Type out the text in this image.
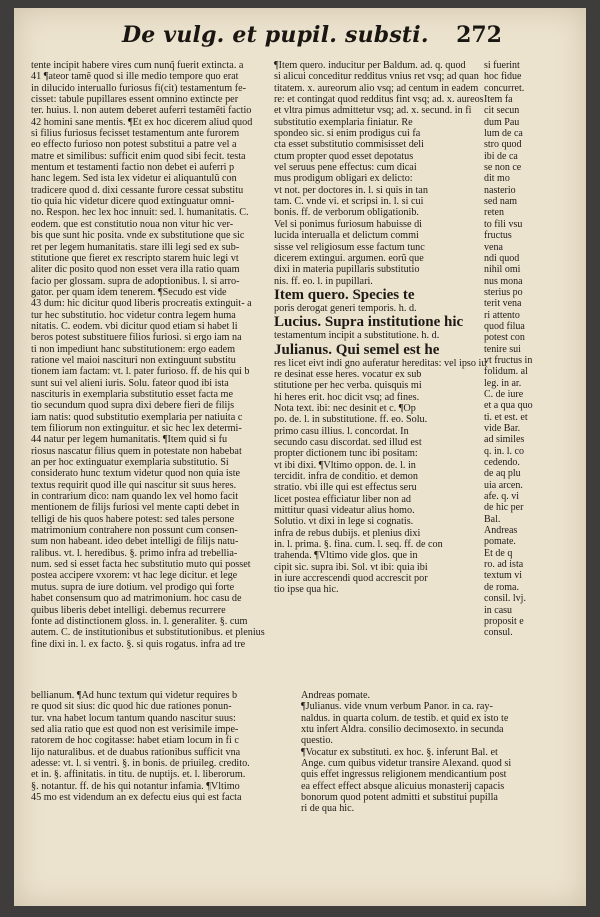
De vulg. et pupil. substi. 272
tente incipit habere vires cum nunq̃ fuerit extincta. a
41 ¶ateor tamẽ quod si ille medio tempore quo erat
in dilucido interuallo furiosus fi(cit) testamentum fe-
cisset: tabule pupillares essent omnino extincte per
ter. huius. l. non autem deberet auferri testamẽti factio
42 homini sane mentis. ¶Et ex hoc dicerem aliud quod
si filius furiosus fecisset testamentum ante furorem
eo effecto furioso non potest substitui a patre vel a
matre et similibus: sufficit enim quod sibi fecit. testa
mentum et testamenti factio non debet ei auferri p
hanc legem. Sed ista lex videtur ei aliquantulũ con
tradicere quod d. dixi cessante furore cessat substitu
tio quia hic videtur dicere quod extinguatur omni-
no. Respon. hec lex hoc innuit: sed. l. humanitatis. C.
eodem. que est constitutio noua non vitur hic ver-
bis que sunt hic posita. vnde ex substitutione que sic
ret per legem humanitatis. stare illi legi sed ex sub-
stitutione que fieret ex rescripto starem huic legi vt
aliter dic posito quod non esset vera illa ratio quam
facio per glossam. supra de adoptionibus. l. si arro-
gator. per quam idem tenerem. ¶Secudo est vide
43 dum: hic dicitur quod liberis procreatis extinguit- a
tur hec substitutio. hoc videtur contra legem huma
nitatis. C. eodem. vbi dicitur quod etiam si habet li
beros potest substituere filios furiosi. si ergo iam na
ti non impediunt hanc substitutionem: ergo eadem
ratione vel maioi nascituri non extinguunt substitu
tionem iam factam: vt. l. pater furioso. ff. de his qui b
sunt sui vel alieni iuris. Solu. fateor quod ibi ista
nascituris in exemplaria substitutio esset facta me
tio secundum quod supra dixi debere fieri de filijs
iam natis: quod substitutio exemplaria per natiuita c
tem filiorum non extinguitur. et sic hec lex determi-
44 natur per legem humanitatis. ¶Item quid si fu
riosus nascatur filius quem in potestate non habebat
an per hoc extinguatur exemplaria substitutio. Si
considerato hunc textum videtur quod non quia iste
textus requirit quod ille qui nascitur sit suus heres.
in contrarium dico: nam quando lex vel homo facit
mentionem de filijs furiosi vel mente capti debet in
telligi de his quos habere potest: sed tales persone
matrimonium contrahere non possunt cum consen-
sum non habeant. ideo debet intelligi de filijs natu-
ralibus. vt. l. heredibus. §. primo infra ad trebellia-
num. sed si esset facta hec substitutio muto qui posset
postea accipere vxorem: vt hac lege dicitur. et lege
mutus. supra de iure dotium. vel prodigo qui forte
habet consensum quo ad matrimonium. hoc casu de
quibus liberis debet intelligi. debemus recurrere
fonte ad distinctionem gloss. in. l. generaliter. §. cum
autem. C. de institutionibus et substitutionibus. et plenius
fine dixi in. l. ex facto. §. si quis rogatus. infra ad tre
¶Item quero. inducitur per Baldum. ad. q. quod
si alicui conceditur redditus vnius ret vsq; ad quan
titatem. x. aureorum alio vsq; ad centum in eadem
re: et contingat quod redditus fint vsq; ad. x. aureos
et vltra pimus admittetur vsq; ad. x. secund. in fi
substitutio exemplaria finiatur. Re
spondeo sic. si enim prodigus cui fa
cta esset substitutio commisisset deli
ctum propter quod esset depotatus
vel seruus pene effectus: cum dicai
mus prodigum obligari ex delicto:
vt not. per doctores in. l. si quis in tan
tam. C. vnde vi. et scripsi in. l. si cui
bonis. ff. de verborum obligationib.
Vel si ponimus furiosum habuisse di
lucida interualla et delictum commi
sisse vel religiosum esse factum tunc
dicerem extingui. argumen. eorũ que
dixi in materia pupillaris substitutio
nis. ff. eo. l. in pupillari.
Item quero. Species te
poris derogat generi temporis. h. d.
Lucius. Supra institutione hic
testamentum incipit a substitutione. h. d.
Julianus. Qui semel est he
res licet eivt indi gno auferatur hereditas: vel ipso iu
re desinat esse heres. vocatur ex sub
stitutione per hec verba. quisquis mi
hi heres erit. hoc dicit vsq; ad fines.
Nota text. ibi: nec desinit et c. ¶Op
po. de. l. in substitutione. ff. eo. Solu.
primo casu illius. l. concordat. In
secundo casu discordat. sed illud est
propter dictionem tunc ibi positam:
vt ibi dixi. ¶Vltimo oppon. de. l. in
tercidit. infra de conditio. et demon
stratio. vbi ille qui est effectus seru
licet postea efficiatur liber non ad
mittitur quasi videatur alius homo.
Solutio. vt dixi in lege si cognatis.
infra de rebus dubijs. et plenius dixi
in. l. prima. §. fina. cum. l. seq. ff. de con
trahenda. ¶Vltimo vide glos. que in
cipit sic. supra ibi. Sol. vt ibi: quia ibi
in iure accrescendi quod accrescit por
tio ipse qua hic.
si fuerint
hoc fidue
concurret.
Item fa
cit secun
dum Pau
lum de ca
stro quod
ibi de ca
se non ce
dit mo
nasterio
sed nam
reten
to fili vsu
fructus
vena
ndi quod
nihil omi
nus mona
sterius po
terit vena
ri attento
quod filua
potest con
tenire sui
vt fructus in
folidum. al
leg. in ar.
C. de iure
et a qua quo
ti. et est. et
vide Bar.
ad similes
q. in. l. co
cedendo.
de aq plu
uia arcen.
afe. q. vi
de hic per
Bal.
Andreas
pomate.
Et de q
ro. ad ista
textum vi
de roma.
consil. lvj.
in casu
proposit e
consul.
bellianum. ¶Ad hunc textum qui videtur requires b
re quod sit sius: dic quod hic due rationes ponun-
tur. vna habet locum tantum quando nascitur suus:
sed alia ratio que est quod non est verisimile impe-
ratorem de hoc cogitasse: habet etiam locum in fi c
lijo naturalibus. et de duabus rationibus sufficit vna
adesse: vt. l. si ventri. §. in bonis. de priuileg. credito.
et in. §. affinitatis. in titu. de nuptijs. et. l. liberorum.
§. notantur. ff. de his qui notantur infamia. ¶Vltimo
45 mo est videndum an ex defectu eius qui est facta
Andreas pomate.
¶Julianus. vide vnum verbum Panor. in ca. ray-
naldus. in quarta colum. de testib. et quid ex isto te
xtu infert Aldra. consilio decimosexto. in secunda
questio.
¶Vocatur ex substituti. ex hoc. §. inferunt Bal. et
Ange. cum quibus videtur transire Alexand. quod si
quis effet ingressus religionem mendicantium post
ea effect effect absque alicuius monasterij capacis
bonorum quod potent admitti et substitui pupilla
ri de qua hic.
